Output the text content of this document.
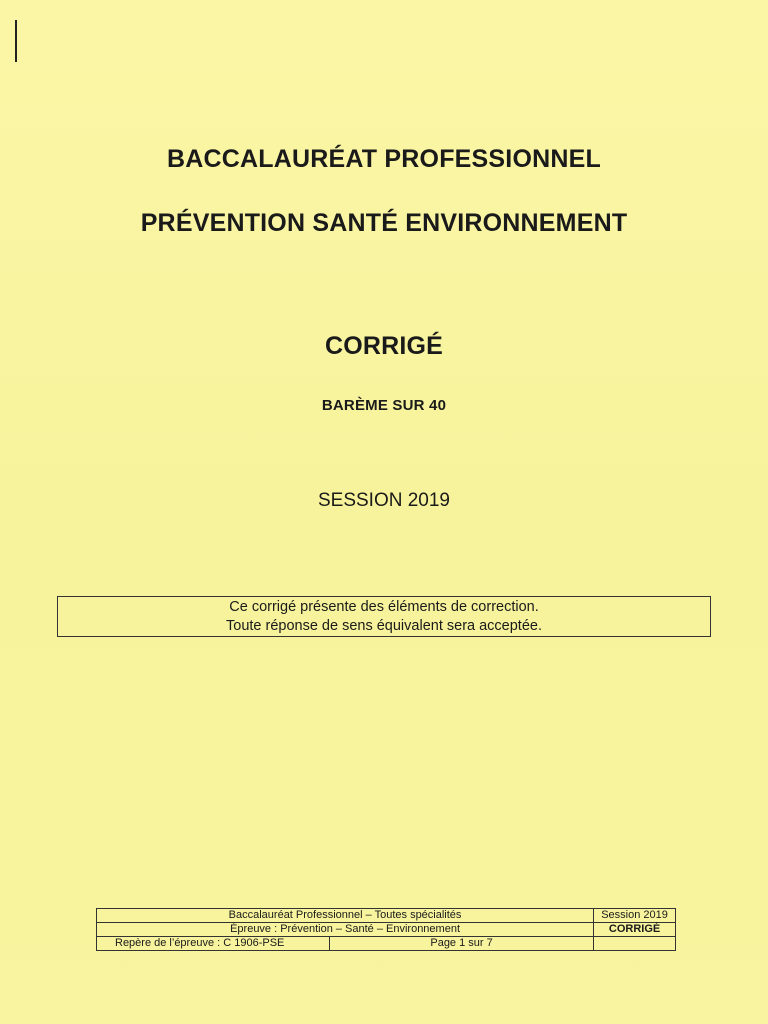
BACCALAURÉAT PROFESSIONNEL
PRÉVENTION SANTÉ ENVIRONNEMENT
CORRIGÉ
BARÈME SUR 40
SESSION 2019
Ce corrigé présente des éléments de correction.
Toute réponse de sens équivalent sera acceptée.
Baccalauréat Professionnel – Toutes spécialités		Session 2019
Épreuve : Prévention – Santé – Environnement		CORRIGÉ
Repère de l’épreuve : C 1906-PSE	Page 1 sur 7	
